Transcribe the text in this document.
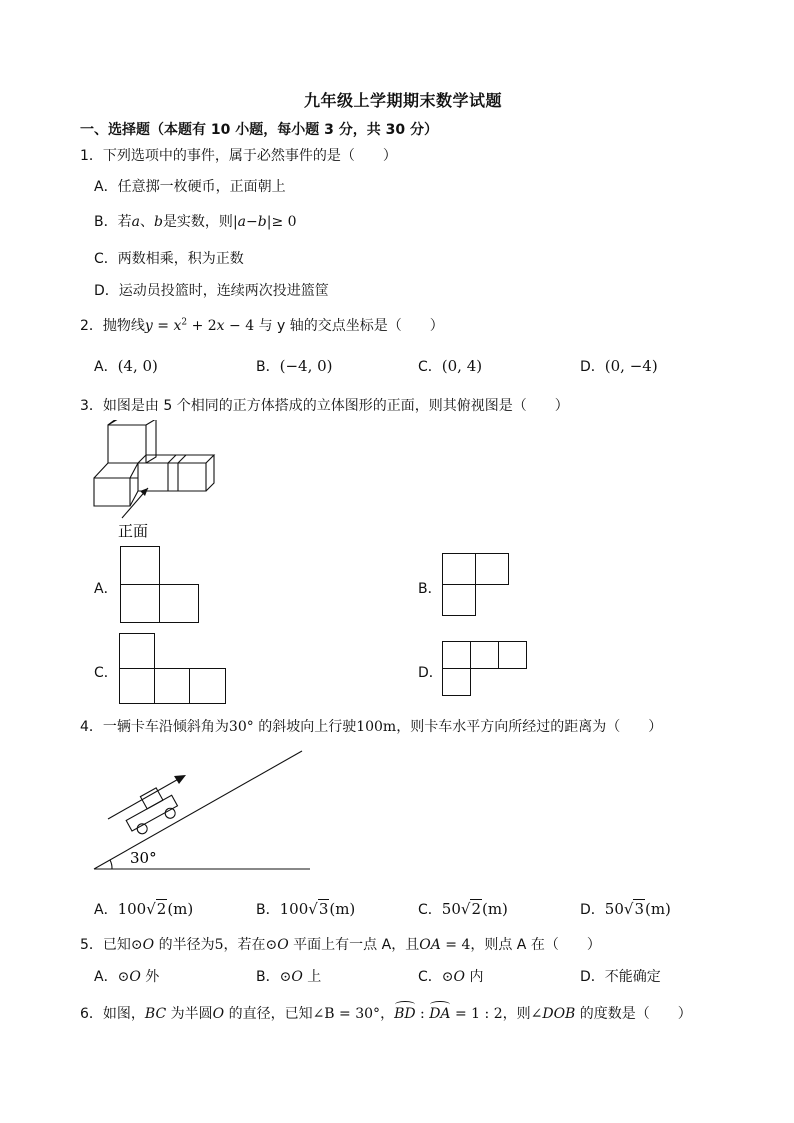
九年级上学期期末数学试题
一、选择题（本题有 10 小题，每小题 3 分，共 30 分）
1．下列选项中的事件，属于必然事件的是（　　）
A．任意掷一枚硬币，正面朝上
B．若a、b是实数，则|a−b|≥ 0
C．两数相乘，积为正数
D．运动员投篮时，连续两次投进篮筐
2．抛物线$y = x^2 + 2x - 4$ 与 y 轴的交点坐标是（　　）
A．(4, 0)	B．(−4, 0)	C．(0, 4)	D．(0, −4)
3．如图是由 5 个相同的正方体搭成的立体图形的正面，则其俯视图是（　　）
正面
A．	B．
C．	D．
4．一辆卡车沿倾斜角为30° 的斜坡向上行驶100m，则卡车水平方向所经过的距离为（　　）
30°
A．100√2(m)	B．100√3(m)	C．50√2(m)	D．50√3(m)
5．已知⊙O 的半径为5，若在⊙O 平面上有一点 A，且OA = 4，则点 A 在（　　）
A．⊙O 外	B．⊙O 上	C．⊙O 内	D．不能确定
6．如图，BC 为半圆O 的直径，已知∠B = 30°，BD : DA = 1 : 2，则∠DOB 的度数是（　　）
